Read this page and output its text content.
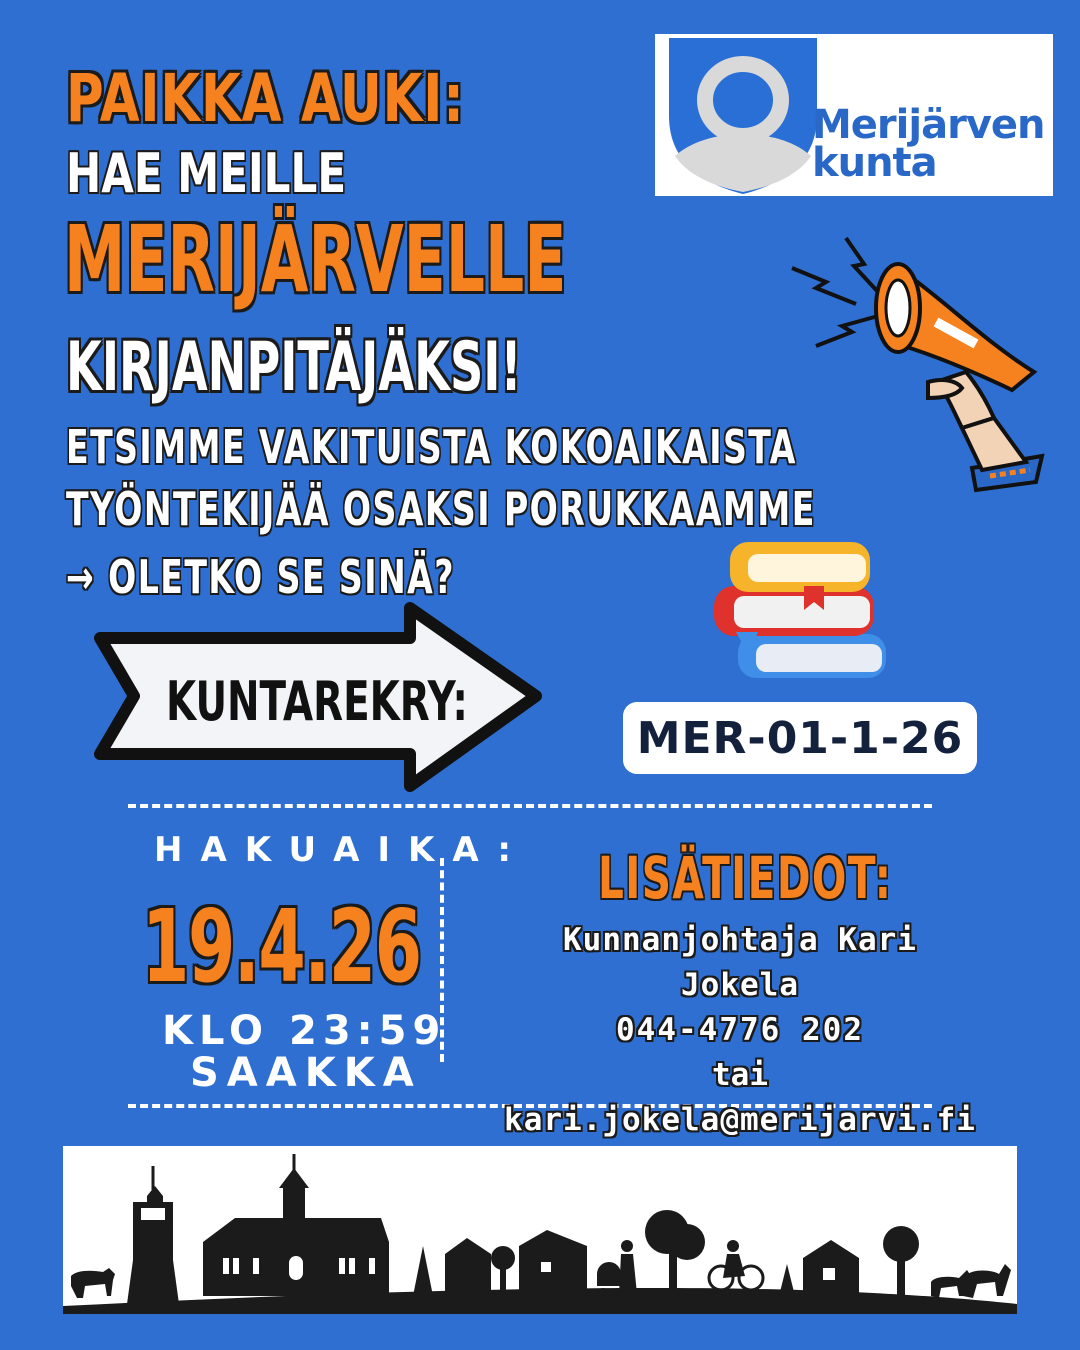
PAIKKA AUKI:
HAE MEILLE
MERIJÄRVELLE
KIRJANPITÄJÄKSI!
ETSIMME VAKITUISTA KOKOAIKAISTA
TYÖNTEKIJÄÄ OSAKSI PORUKKAAMME
→ OLETKO SE SINÄ?
Merijärven
kunta
KUNTAREKRY:
MER-01-1-26
HAKUAIKA:
19.4.26
KLO 23:59
SAAKKA
LISÄTIEDOT:
Kunnanjohtaja Kari Jokela
044-4776 202
tai
kari.jokela@merijarvi.fi
